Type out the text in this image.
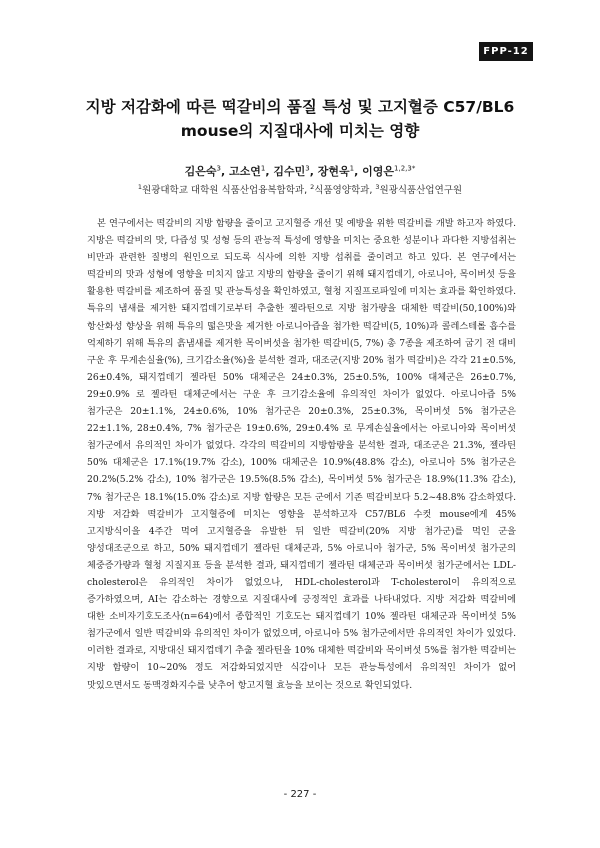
FPP-12
지방 저감화에 따른 떡갈비의 품질 특성 및 고지혈증 C57/BL6
mouse의 지질대사에 미치는 영향
김은숙$^3$, 고소연$^1$, 김수민$^3$, 장현욱$^1$, 이영은$^{1,2,3*}$
$^1$원광대학교 대학원 식품산업융복합학과, $^2$식품영양학과, $^3$원광식품산업연구원

본 연구에서는 떡갈비의 지방 함량을 줄이고 고지혈증 개선 및 예방을 위한 떡갈비를 개발 하고자 하였다. 지방은 떡갈비의 맛, 다즙성 및 성형 등의 관능적 특성에 영향을 미치는 중요한 성분이나 과다한 지방섭취는 비만과 관련한 질병의 원인으로 되도록 식사에 의한 지방 섭취를 줄이려고 하고 있다. 본 연구에서는 떡갈비의 맛과 성형에 영향을 미치지 않고 지방의 함량을 줄이기 위해 돼지껍데기, 아로니아, 목이버섯 등을 활용한 떡갈비를 제조하여 품질 및 관능특성을 확인하였고, 혈청 지질프로파일에 미치는 효과를 확인하였다. 특유의 냄새를 제거한 돼지껍데기로부터 추출한 젤라틴으로 지방 첨가량을 대체한 떡갈비(50,100%)와 항산화성 향상을 위해 특유의 떫은맛을 제거한 아로니아즙을 첨가한 떡갈비(5, 10%)과 콜레스테롤 흡수를 억제하기 위해 특유의 흙냄새를 제거한 목이버섯을 첨가한 떡갈비(5, 7%) 총 7종을 제조하여 굽기 전 대비 구운 후 무게손실율(%), 크기감소율(%)을 분석한 결과, 대조군(지방 20% 첨가 떡갈비)은 각각 21±0.5%, 26±0.4%, 돼지껍데기 젤라틴 50% 대체군은 24±0.3%, 25±0.5%, 100% 대체군은 26±0.7%, 29±0.9% 로 젤라틴 대체군에서는 구운 후 크기감소율에 유의적인 차이가 없었다. 아로니아즙 5% 첨가군은 20±1.1%, 24±0.6%, 10% 첨가군은 20±0.3%, 25±0.3%, 목이버섯 5% 첨가군은 22±1.1%, 28±0.4%, 7% 첨가군은 19±0.6%, 29±0.4% 로 무게손실율에서는 아로니아와 목이버섯 첨가군에서 유의적인 차이가 없었다. 각각의 떡갈비의 지방함량을 분석한 결과, 대조군은 21.3%, 젤라틴 50% 대체군은 17.1%(19.7% 감소), 100% 대체군은 10.9%(48.8% 감소), 아로니아 5% 첨가군은 20.2%(5.2% 감소), 10% 첨가군은 19.5%(8.5% 감소), 목이버섯 5% 첨가군은 18.9%(11.3% 감소), 7% 첨가군은 18.1%(15.0% 감소)로 지방 함량은 모든 군에서 기존 떡갈비보다 5.2~48.8% 감소하였다. 지방 저감화 떡갈비가 고지혈증에 미치는 영향을 분석하고자 C57/BL6 수컷 mouse에게 45% 고지방식이을 4주간 먹여 고지혈증을 유발한 뒤 일반 떡갈비(20% 지방 첨가군)를 먹인 군을 양성대조군으로 하고, 50% 돼지껍데기 젤라틴 대체군과, 5% 아로니아 첨가군, 5% 목이버섯 첨가군의 체중증가량과 혈청 지질지표 등을 분석한 결과, 돼지껍데기 젤라틴 대체군과 목이버섯 첨가군에서는 LDL-cholesterol은 유의적인 차이가 없었으나, HDL-cholesterol과 T-cholesterol이 유의적으로 증가하였으며, AI는 감소하는 경향으로 지질대사에 긍정적인 효과를 나타내었다. 지방 저감화 떡갈비에 대한 소비자기호도조사(n=64)에서 종합적인 기호도는 돼지껍데기 10% 젤라틴 대체군과 목이버섯 5% 첨가군에서 일반 떡갈비와 유의적인 차이가 없었으며, 아로니아 5% 첨가군에서만 유의적인 차이가 있었다. 이러한 결과로, 지방대신 돼지껍데기 추출 젤라틴을 10% 대체한 떡갈비와 목이버섯 5%를 첨가한 떡갈비는 지방 함량이 10~20% 정도 저감화되었지만 식감이나 모든 관능특성에서 유의적인 차이가 없어 맛있으면서도 동맥경화지수를 낮추어 항고지혈 효능을 보이는 것으로 확인되었다.

- 227 -
